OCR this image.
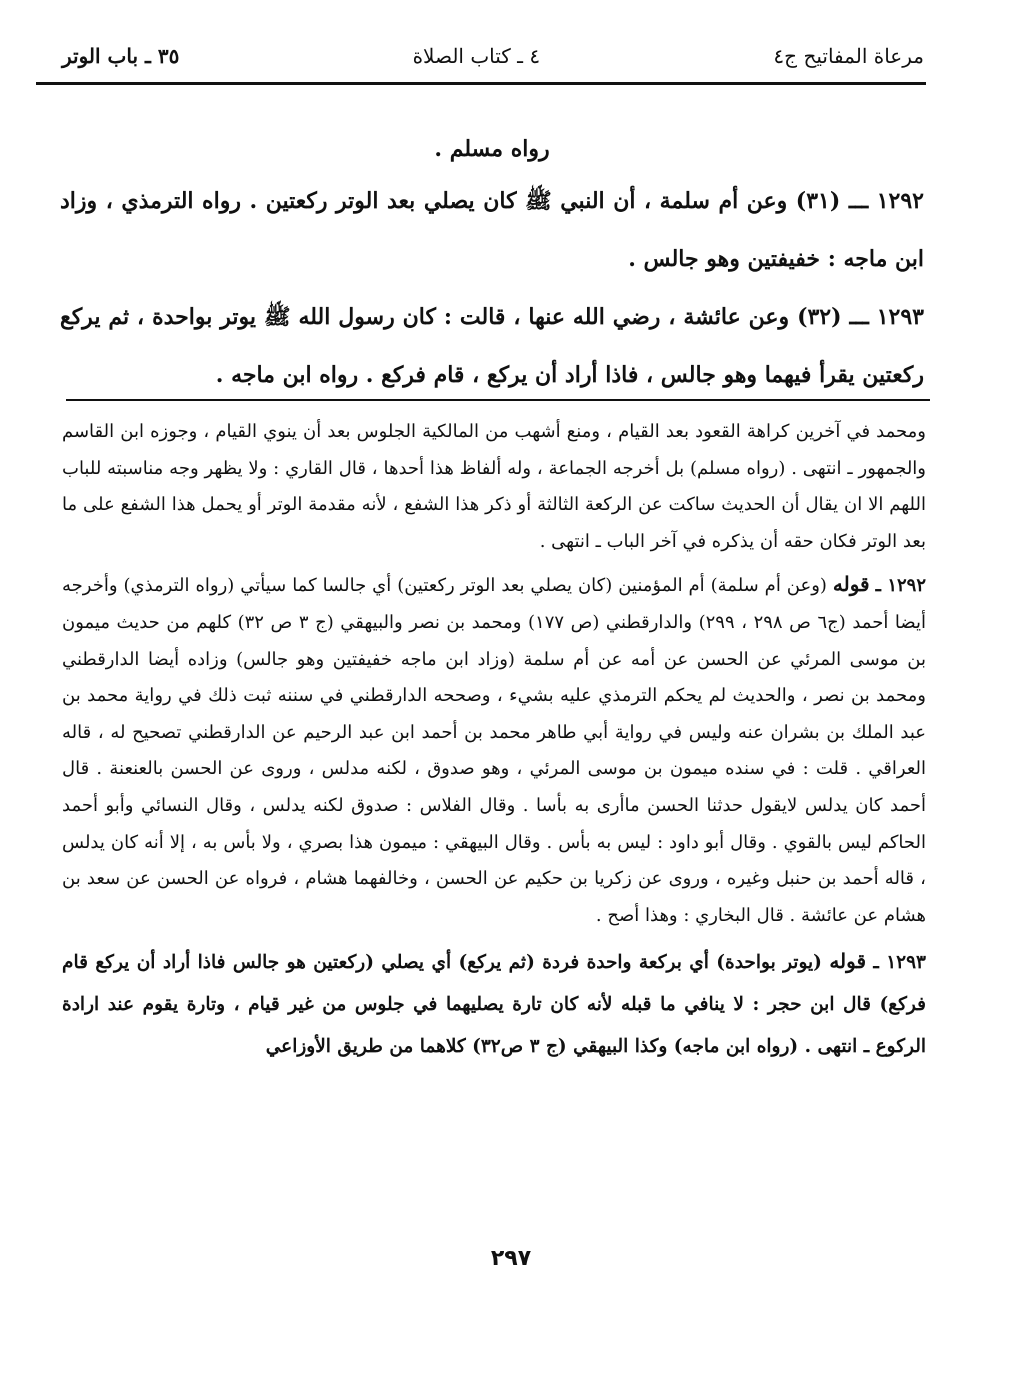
مرعاة المفاتيح ج٤
٤ ـ كتاب الصلاة
٣٥ ـ باب الوتر

رواه مسلم .

١٢٩٢ ـــ (٣١) وعن أم سلمة ، أن النبي ﷺ كان يصلي بعد الوتر ركعتين . رواه الترمذي ، وزاد ابن ماجه : خفيفتين وهو جالس .

١٢٩٣ ـــ (٣٢) وعن عائشة ، رضي الله عنها ، قالت : كان رسول الله ﷺ يوتر بواحدة ، ثم يركع ركعتين يقرأ فيهما وهو جالس ، فاذا أراد أن يركع ، قام فركع . رواه ابن ماجه .

ومحمد في آخرين كراهة القعود بعد القيام ، ومنع أشهب من المالكية الجلوس بعد أن ينوي القيام ، وجوزه ابن القاسم والجمهور ـ انتهى . (رواه مسلم) بل أخرجه الجماعة ، وله ألفاظ هذا أحدها ، قال القاري : ولا يظهر وجه مناسبته للباب اللهم الا ان يقال أن الحديث ساكت عن الركعة الثالثة أو ذكر هذا الشفع ، لأنه مقدمة الوتر أو يحمل هذا الشفع على ما بعد الوتر فكان حقه أن يذكره في آخر الباب ـ انتهى .

١٢٩٢ ـ قوله (وعن أم سلمة) أم المؤمنين (كان يصلي بعد الوتر ركعتين) أي جالسا كما سيأتي (رواه الترمذي) وأخرجه أيضا أحمد (ج٦ ص ٢٩٨ ، ٢٩٩) والدارقطني (ص ١٧٧) ومحمد بن نصر والبيهقي (ج ٣ ص ٣٢) كلهم من حديث ميمون بن موسى المرئي عن الحسن عن أمه عن أم سلمة (وزاد ابن ماجه خفيفتين وهو جالس) وزاده أيضا الدارقطني ومحمد بن نصر ، والحديث لم يحكم الترمذي عليه بشيء ، وصححه الدارقطني في سننه ثبت ذلك في رواية محمد بن عبد الملك بن بشران عنه وليس في رواية أبي طاهر محمد بن أحمد ابن عبد الرحيم عن الدارقطني تصحيح له ، قاله العراقي . قلت : في سنده ميمون بن موسى المرئي ، وهو صدوق ، لكنه مدلس ، وروى عن الحسن بالعنعنة . قال أحمد كان يدلس لايقول حدثنا الحسن ماأرى به بأسا . وقال الفلاس : صدوق لكنه يدلس ، وقال النسائي وأبو أحمد الحاكم ليس بالقوي . وقال أبو داود : ليس به بأس . وقال البيهقي : ميمون هذا بصري ، ولا بأس به ، إلا أنه كان يدلس ، قاله أحمد بن حنبل وغيره ، وروى عن زكريا بن حكيم عن الحسن ، وخالفهما هشام ، فرواه عن الحسن عن سعد بن هشام عن عائشة . قال البخاري : وهذا أصح .

١٢٩٣ ـ قوله (يوتر بواحدة) أي بركعة واحدة فردة (ثم يركع) أي يصلي (ركعتين هو جالس فاذا أراد أن يركع قام فركع) قال ابن حجر : لا ينافي ما قبله لأنه كان تارة يصليهما في جلوس من غير قيام ، وتارة يقوم عند ارادة الركوع ـ انتهى . (رواه ابن ماجه) وكذا البيهقي (ج ٣ ص٣٢) كلاهما من طريق الأوزاعي

٢٩٧
